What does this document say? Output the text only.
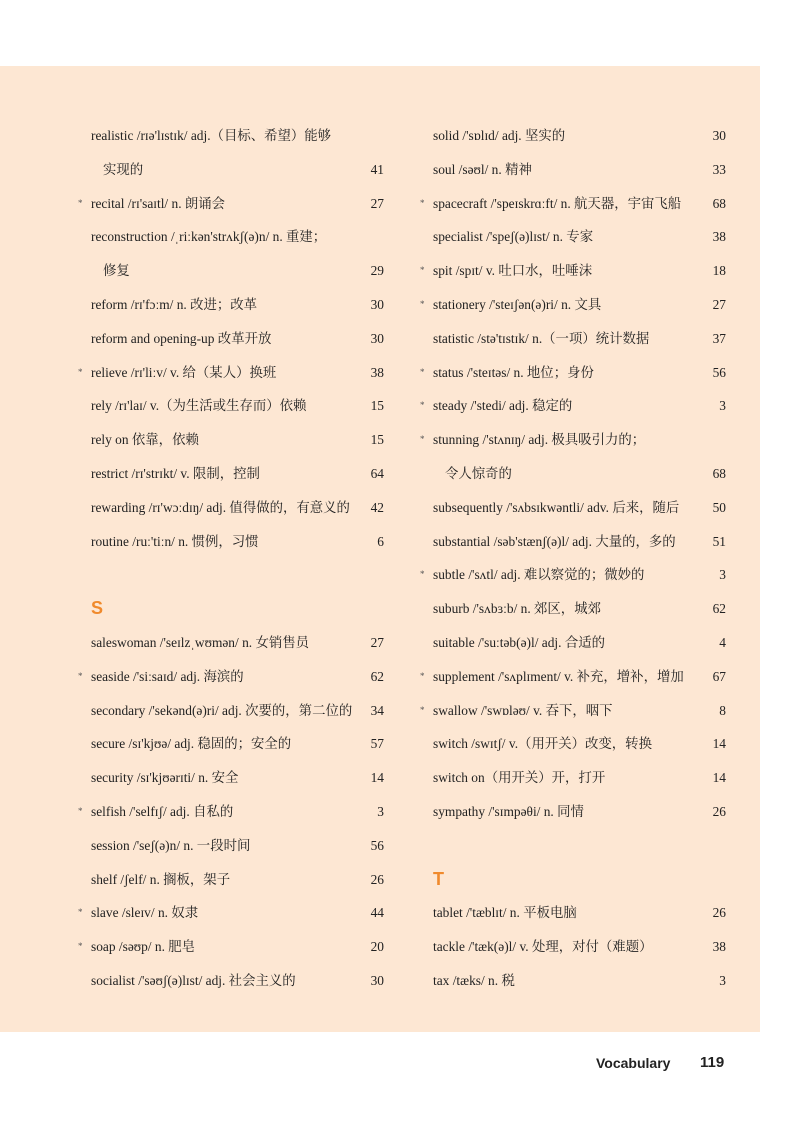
realistic /rɪə'lɪstɪk/ adj.（目标、希望）能够
实现的	41
* recital /rɪ'saɪtl/ n. 朗诵会	27
reconstruction /ˌriːkən'strʌkʃ(ə)n/ n. 重建；
修复	29
reform /rɪ'fɔːm/ n. 改进；改革	30
reform and opening-up 改革开放	30
* relieve /rɪ'liːv/ v. 给（某人）换班	38
rely /rɪ'laɪ/ v.（为生活或生存而）依赖	15
rely on 依靠，依赖	15
restrict /rɪ'strɪkt/ v. 限制，控制	64
rewarding /rɪ'wɔːdɪŋ/ adj. 值得做的，有意义的 42
routine /ruː'tiːn/ n. 惯例，习惯	6
S
saleswoman /'seɪlzˌwʊmən/ n. 女销售员	27
* seaside /'siːsaɪd/ adj. 海滨的	62
secondary /'sekənd(ə)ri/ adj. 次要的，第二位的 34
secure /sɪ'kjʊə/ adj. 稳固的；安全的	57
security /sɪ'kjʊərɪti/ n. 安全	14
* selfish /'selfɪʃ/ adj. 自私的	3
session /'seʃ(ə)n/ n. 一段时间	56
shelf /ʃelf/ n. 搁板，架子	26
* slave /sleɪv/ n. 奴隶	44
* soap /səʊp/ n. 肥皂	20
socialist /'səʊʃ(ə)lɪst/ adj. 社会主义的	30
solid /'sɒlɪd/ adj. 坚实的	30
soul /səʊl/ n. 精神	33
* spacecraft /'speɪskrɑːft/ n. 航天器，宇宙飞船 68
specialist /'speʃ(ə)lɪst/ n. 专家	38
* spit /spɪt/ v. 吐口水，吐唾沫	18
* stationery /'steɪʃən(ə)ri/ n. 文具	27
statistic /stə'tɪstɪk/ n.（一项）统计数据	37
* status /'steɪtəs/ n. 地位；身份	56
* steady /'stedi/ adj. 稳定的	3
* stunning /'stʌnɪŋ/ adj. 极具吸引力的；
令人惊奇的	68
subsequently /'sʌbsɪkwəntli/ adv. 后来，随后 50
substantial /səb'stænʃ(ə)l/ adj. 大量的，多的	51
* subtle /'sʌtl/ adj. 难以察觉的；微妙的	3
suburb /'sʌbɜːb/ n. 郊区，城郊	62
suitable /'suːtəb(ə)l/ adj. 合适的	4
* supplement /'sʌplɪment/ v. 补充，增补，增加 67
* swallow /'swɒləʊ/ v. 吞下，咽下	8
switch /swɪtʃ/ v.（用开关）改变，转换	14
switch on（用开关）开，打开	14
sympathy /'sɪmpəθi/ n. 同情	26
T
tablet /'tæblɪt/ n. 平板电脑	26
tackle /'tæk(ə)l/ v. 处理，对付（难题）	38
tax /tæks/ n. 税	3
Vocabulary 119
